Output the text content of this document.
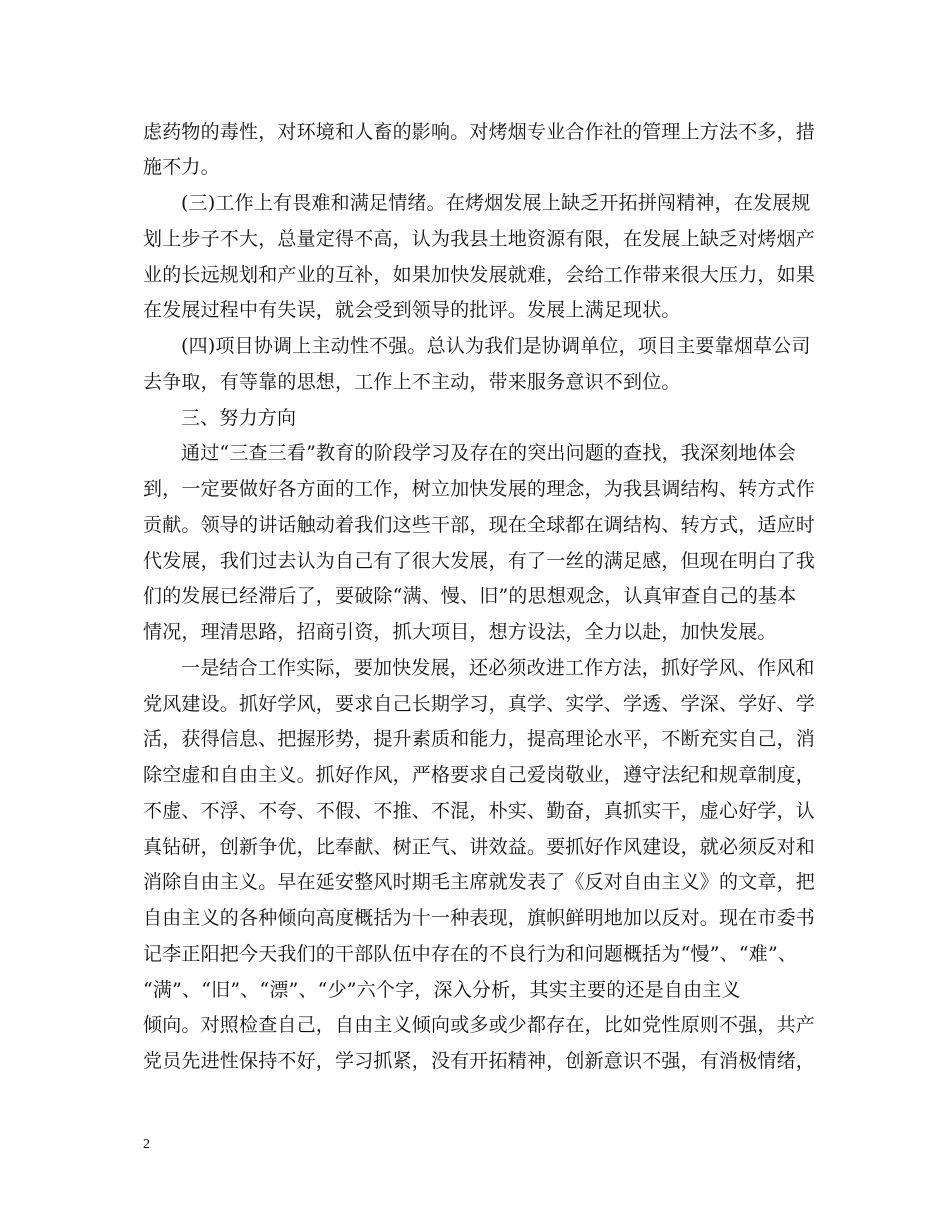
虑药物的毒性，对环境和人畜的影响。对烤烟专业合作社的管理上方法不多，措
施不力。
(三)工作上有畏难和满足情绪。在烤烟发展上缺乏开拓拼闯精神，在发展规
划上步子不大，总量定得不高，认为我县土地资源有限，在发展上缺乏对烤烟产
业的长远规划和产业的互补，如果加快发展就难，会给工作带来很大压力，如果
在发展过程中有失误，就会受到领导的批评。发展上满足现状。
(四)项目协调上主动性不强。总认为我们是协调单位，项目主要靠烟草公司
去争取，有等靠的思想，工作上不主动，带来服务意识不到位。
三、努力方向
通过“三查三看”教育的阶段学习及存在的突出问题的查找，我深刻地体会
到，一定要做好各方面的工作，树立加快发展的理念，为我县调结构、转方式作
贡献。领导的讲话触动着我们这些干部，现在全球都在调结构、转方式，适应时
代发展，我们过去认为自己有了很大发展，有了一丝的满足感，但现在明白了我
们的发展已经滞后了，要破除“满、慢、旧”的思想观念，认真审查自己的基本
情况，理清思路，招商引资，抓大项目，想方设法，全力以赴，加快发展。
一是结合工作实际，要加快发展，还必须改进工作方法，抓好学风、作风和
党风建设。抓好学风，要求自己长期学习，真学、实学、学透、学深、学好、学
活，获得信息、把握形势，提升素质和能力，提高理论水平，不断充实自己，消
除空虚和自由主义。抓好作风，严格要求自己爱岗敬业，遵守法纪和规章制度，
不虚、不浮、不夸、不假、不推、不混，朴实、勤奋，真抓实干，虚心好学，认
真钻研，创新争优，比奉献、树正气、讲效益。要抓好作风建设，就必须反对和
消除自由主义。早在延安整风时期毛主席就发表了《反对自由主义》的文章，把
自由主义的各种倾向高度概括为十一种表现，旗帜鲜明地加以反对。现在市委书
记李正阳把今天我们的干部队伍中存在的不良行为和问题概括为“慢”、“难”、
“满”、“旧”、“漂”、“少”六个字，深入分析，其实主要的还是自由主义
倾向。对照检查自己，自由主义倾向或多或少都存在，比如党性原则不强，共产
党员先进性保持不好，学习抓紧，没有开拓精神，创新意识不强，有消极情绪，
2
